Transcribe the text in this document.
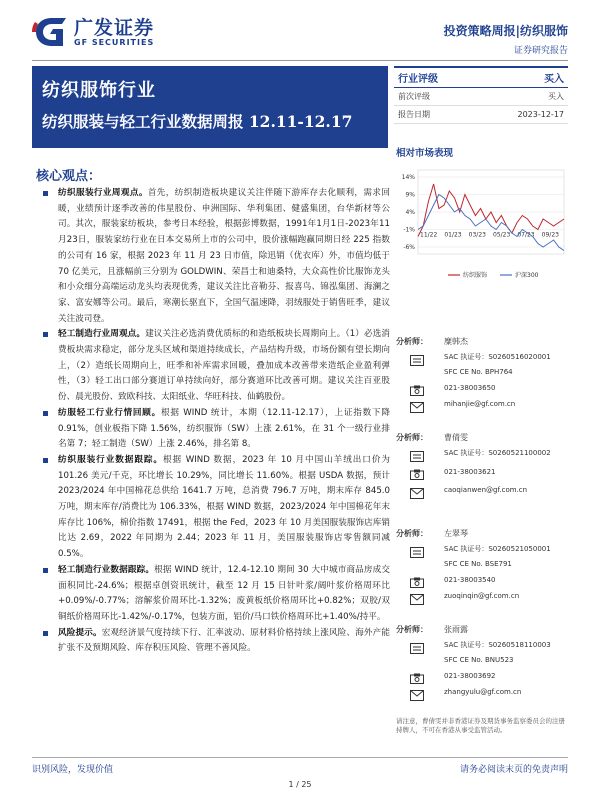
广发证券
GF SECURITIES
投资策略周报|纺织服饰
证券研究报告
纺织服饰行业
纺织服装与轻工行业数据周报 12.11-12.17
行业评级	买入
前次评级	买入
报告日期	2023-12-17
核心观点：

纺织服装行业周观点。首先，纺织制造板块建议关注伴随下游库存去化顺利，需求回暖，业绩预计逐季改善的伟星股份、申洲国际、华利集团、健盛集团，台华新材等公司。其次，服装家纺板块，参考日本经验，根据彭博数据，1991年1月1日-2023年11月23日，服装家纺行业在日本交易所上市的公司中，股价涨幅跑赢同期日经 225 指数的公司有 16 家，根据 2023 年 11 月 23 日市值，除迅销（优衣库）外，市值均低于 70 亿美元，且涨幅前三分别为 GOLDWIN、荣昌士和迪桑特，大众高性价比服饰龙头和小众细分高端运动龙头均表现优秀，建议关注比音勒芬、报喜鸟、锦泓集团、海澜之家、富安娜等公司。最后，寒潮长驱直下，全国气温速降，羽绒服处于销售旺季，建议关注波司登。

轻工制造行业周观点。建议关注必选消费优质标的和造纸板块长周期向上。（1）必选消费板块需求稳定，部分龙头区域和渠道持续成长，产品结构升级，市场份额有望长期向上，（2）造纸长周期向上，旺季和补库需求回暖，叠加成本改善带来造纸企业盈利弹性，（3）轻工出口部分赛道订单持续向好，部分赛道环比改善可期。建议关注百亚股份、晨光股份、致欧科技、太阳纸业、华旺科技、仙鹤股份。

纺服轻工行业行情回顾。根据 WIND 统计，本期（12.11-12.17），上证指数下降 0.91%，创业板指下降 1.56%，纺织服饰（SW）上涨 2.61%，在 31 个一级行业排名第 7；轻工制造（SW）上涨 2.46%，排名第 8。

纺织服装行业数据跟踪。根据 WIND 数据，2023 年 10 月中国山羊绒出口价为 101.26 美元/千克，环比增长 10.29%，同比增长 11.60%。根据 USDA 数据，预计 2023/2024 年中国棉花总供给 1641.7 万吨，总消费 796.7 万吨，期末库存 845.0 万吨，期末库存/消费比为 106.33%，根据 WIND 数据，2023/2024 年中国棉花年末库存比 106%，棉价指数 17491，根据 the Fed，2023 年 10 月美国服装服饰店库销比达 2.69，2022 年同期为 2.44；2023 年 11 月，美国服装服饰店零售额同减 0.5%。

轻工制造行业数据跟踪。根据 WIND 统计，12.4-12.10 期间 30 大中城市商品房成交面积同比-24.6%；根据卓创资讯统计，截至 12 月 15 日针叶浆/阔叶浆价格周环比+0.09%/-0.77%；溶解浆价周环比-1.32%；废黄板纸价格周环比+0.82%；双胶/双铜纸价格周环比-1.42%/-0.17%，包装方面，铝价/马口铁价格周环比+1.40%/持平。

风险提示。宏观经济景气度持续下行、汇率波动、原材料价格持续上涨风险、海外产能扩张不及预期风险、库存积压风险、管理不善风险。

相对市场表现
14%
9%
4%
-1%
-6%
11/22 01/23 03/23 05/23 07/23 09/23
纺织服饰	沪深300
分析师： 糜韩杰
SAC 执证号：S0260516020001
SFC CE No. BPH764
021-38003650
mihanjie@gf.com.cn
分析师： 曹倩雯
SAC 执证号：S0260521100002
021-38003621
caoqianwen@gf.com.cn
分析师： 左翠琴
SAC 执证号：S0260521050001
SFC CE No. BSE791
021-38003540
zuoqinqin@gf.com.cn
分析师： 张雨露
SAC 执证号：S0260518110003
SFC CE No. BNU523
021-38003692
zhangyulu@gf.com.cn
请注意，曹倩雯并非香港证券及期货事务监察委员会的注册持牌人，不可在香港从事受监管活动。
识别风险，发现价值	请务必阅读末页的免责声明
1 / 25
